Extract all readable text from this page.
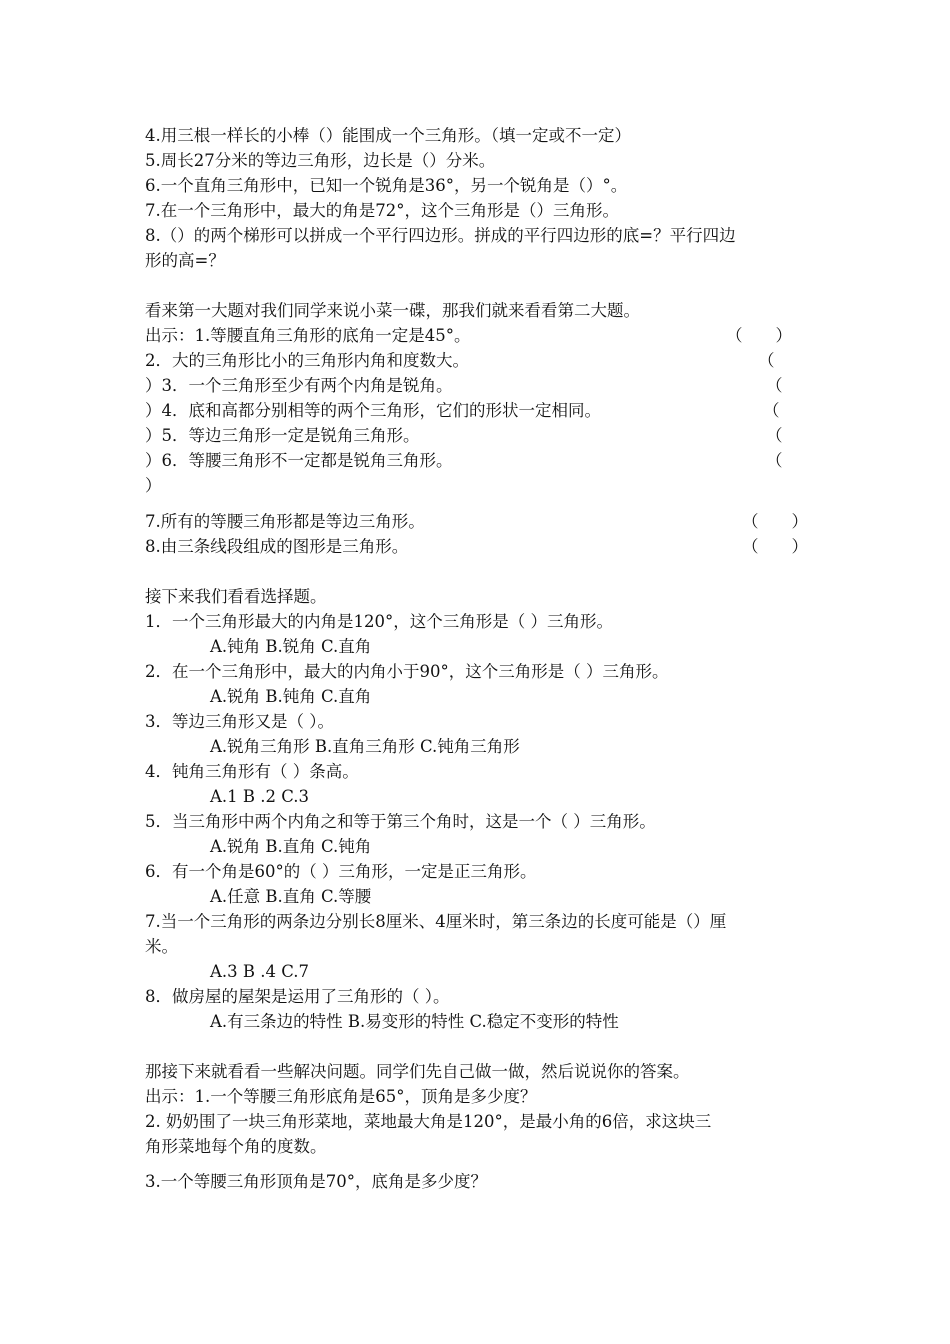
4.用三根一样长的小棒（）能围成一个三角形。（填一定或不一定）
5.周长27分米的等边三角形，边长是（）分米。
6.一个直角三角形中，已知一个锐角是36°，另一个锐角是（）°。
7.在一个三角形中，最大的角是72°，这个三角形是（）三角形。
8.（）的两个梯形可以拼成一个平行四边形。拼成的平行四边形的底=？平行四边
形的高=？
看来第一大题对我们同学来说小菜一碟，那我们就来看看第二大题。
出示：1.等腰直角三角形的底角一定是45°。	（　　）
2．大的三角形比小的三角形内角和度数大。	（
）3．一个三角形至少有两个内角是锐角。	（
）4．底和高都分别相等的两个三角形，它们的形状一定相同。	（
）5．等边三角形一定是锐角三角形。	（
）6．等腰三角形不一定都是锐角三角形。	（
）
7.所有的等腰三角形都是等边三角形。	（　　）
8.由三条线段组成的图形是三角形。	（　　）
接下来我们看看选择题。
1．一个三角形最大的内角是120°，这个三角形是（ ）三角形。
A.钝角 B.锐角 C.直角
2．在一个三角形中，最大的内角小于90°，这个三角形是（ ）三角形。
A.锐角 B.钝角 C.直角
3．等边三角形又是（ ）。
A.锐角三角形 B.直角三角形 C.钝角三角形
4．钝角三角形有（ ）条高。
A.1 B .2 C.3
5．当三角形中两个内角之和等于第三个角时，这是一个（ ）三角形。
A.锐角 B.直角 C.钝角
6．有一个角是60°的（ ）三角形，一定是正三角形。
A.任意 B.直角 C.等腰
7.当一个三角形的两条边分别长8厘米、4厘米时，第三条边的长度可能是（）厘
米。
A.3 B .4 C.7
8．做房屋的屋架是运用了三角形的（ ）。
A.有三条边的特性 B.易变形的特性 C.稳定不变形的特性
那接下来就看看一些解决问题。同学们先自己做一做，然后说说你的答案。
出示：1.一个等腰三角形底角是65°，顶角是多少度？
2. 奶奶围了一块三角形菜地，菜地最大角是120°，是最小角的6倍，求这块三
角形菜地每个角的度数。
3.一个等腰三角形顶角是70°，底角是多少度？
